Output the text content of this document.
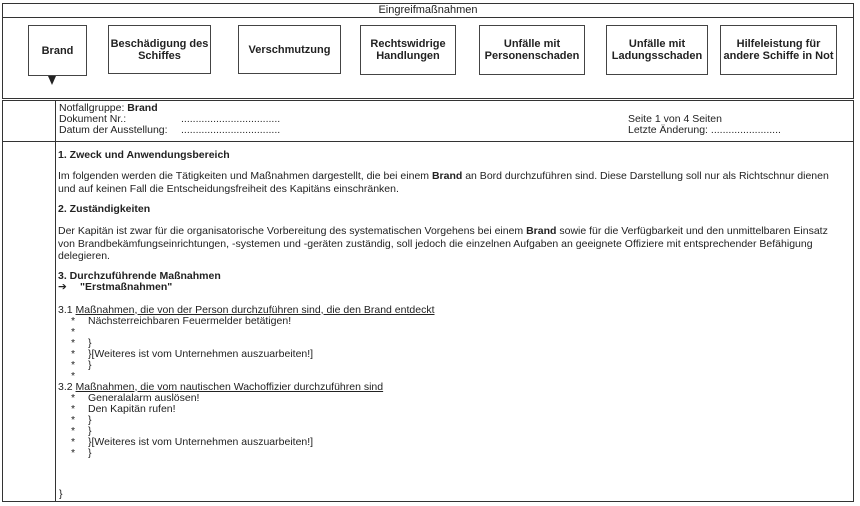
Eingreifmaßnahmen
Brand
Beschädigung des
Schiffes	Verschmutzung	Rechtswidrige
Handlungen
Unfälle mit
Personenschaden
Unfälle mit
Ladungsschaden
Hilfeleistung für
andere Schiffe in Not
Notfallgruppe: Brand
Dokument Nr.:	..................................
Datum der Ausstellung: ..................................
Seite 1 von 4 Seiten
Letzte Änderung: ........................
1. Zweck und Anwendungsbereich
Im folgenden werden die Tätigkeiten und Maßnahmen dargestellt, die bei einem Brand an Bord durchzuführen sind. Diese Darstellung soll nur als Richtschnur dienen und auf keinen Fall die Entscheidungsfreiheit des Kapitäns einschränken.
2. Zuständigkeiten
Der Kapitän ist zwar für die organisatorische Vorbereitung des systematischen Vorgehens bei einem Brand sowie für die Verfügbarkeit und den unmittelbaren Einsatz von Brandbekämfungseinrichtungen, -systemen und -geräten zuständig, soll jedoch die einzelnen Aufgaben an geeignete Offiziere mit entsprechender Befähigung delegieren.
3. Durchzuführende Maßnahmen
➔ "Erstmaßnahmen"
3.1 Maßnahmen, die von der Person durchzuführen sind, die den Brand entdeckt
* Nächsterreichbaren Feuermelder betätigen!
*
* }
* }[Weiteres ist vom Unternehmen auszuarbeiten!]
* }
*
3.2 Maßnahmen, die vom nautischen Wachoffizier durchzuführen sind
* Generalalarm auslösen!
* Den Kapitän rufen!
* }
* }
* }[Weiteres ist vom Unternehmen auszuarbeiten!]
* }
}
